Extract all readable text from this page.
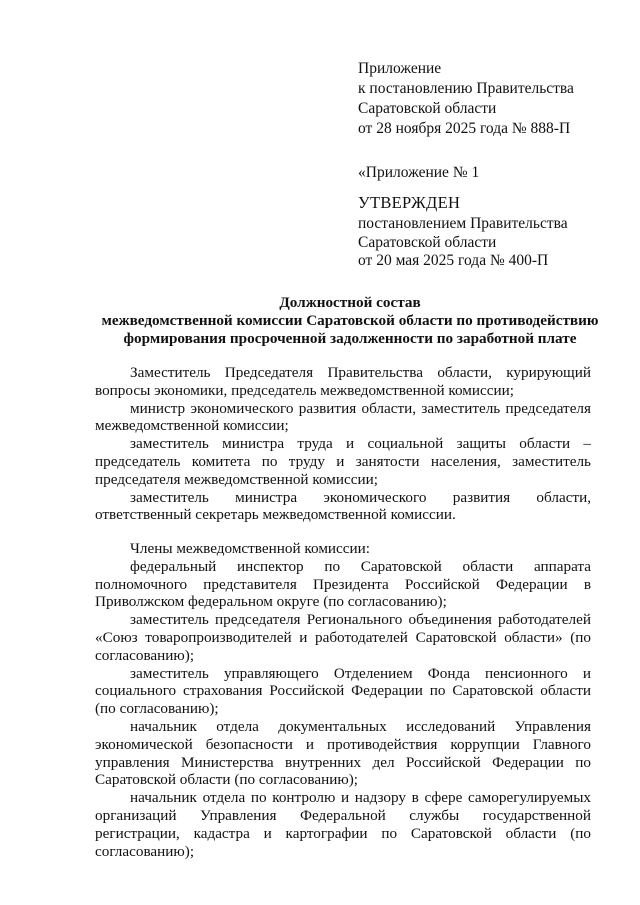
Приложение
к постановлению Правительства
Саратовской области
от 28 ноября 2025 года № 888-П
«Приложение № 1
УТВЕРЖДЕН
постановлением Правительства
Саратовской области
от 20 мая 2025 года № 400-П
Должностной состав
межведомственной комиссии Саратовской области по противодействию
формирования просроченной задолженности по заработной плате

Заместитель Председателя Правительства области, курирующий вопросы экономики, председатель межведомственной комиссии;

министр экономического развития области, заместитель председателя межведомственной комиссии;

заместитель министра труда и социальной защиты области – председатель комитета по труду и занятости населения, заместитель председателя межведомственной комиссии;

заместитель министра экономического развития области, ответственный секретарь межведомственной комиссии.

Члены межведомственной комиссии:

федеральный инспектор по Саратовской области аппарата полномочного представителя Президента Российской Федерации в Приволжском федеральном округе (по согласованию);

заместитель председателя Регионального объединения работодателей «Союз товаропроизводителей и работодателей Саратовской области» (по согласованию);

заместитель управляющего Отделением Фонда пенсионного и социального страхования Российской Федерации по Саратовской области (по согласованию);

начальник отдела документальных исследований Управления экономической безопасности и противодействия коррупции Главного управления Министерства внутренних дел Российской Федерации по Саратовской области (по согласованию);

начальник отдела по контролю и надзору в сфере саморегулируемых организаций Управления Федеральной службы государственной регистрации, кадастра и картографии по Саратовской области (по согласованию);
